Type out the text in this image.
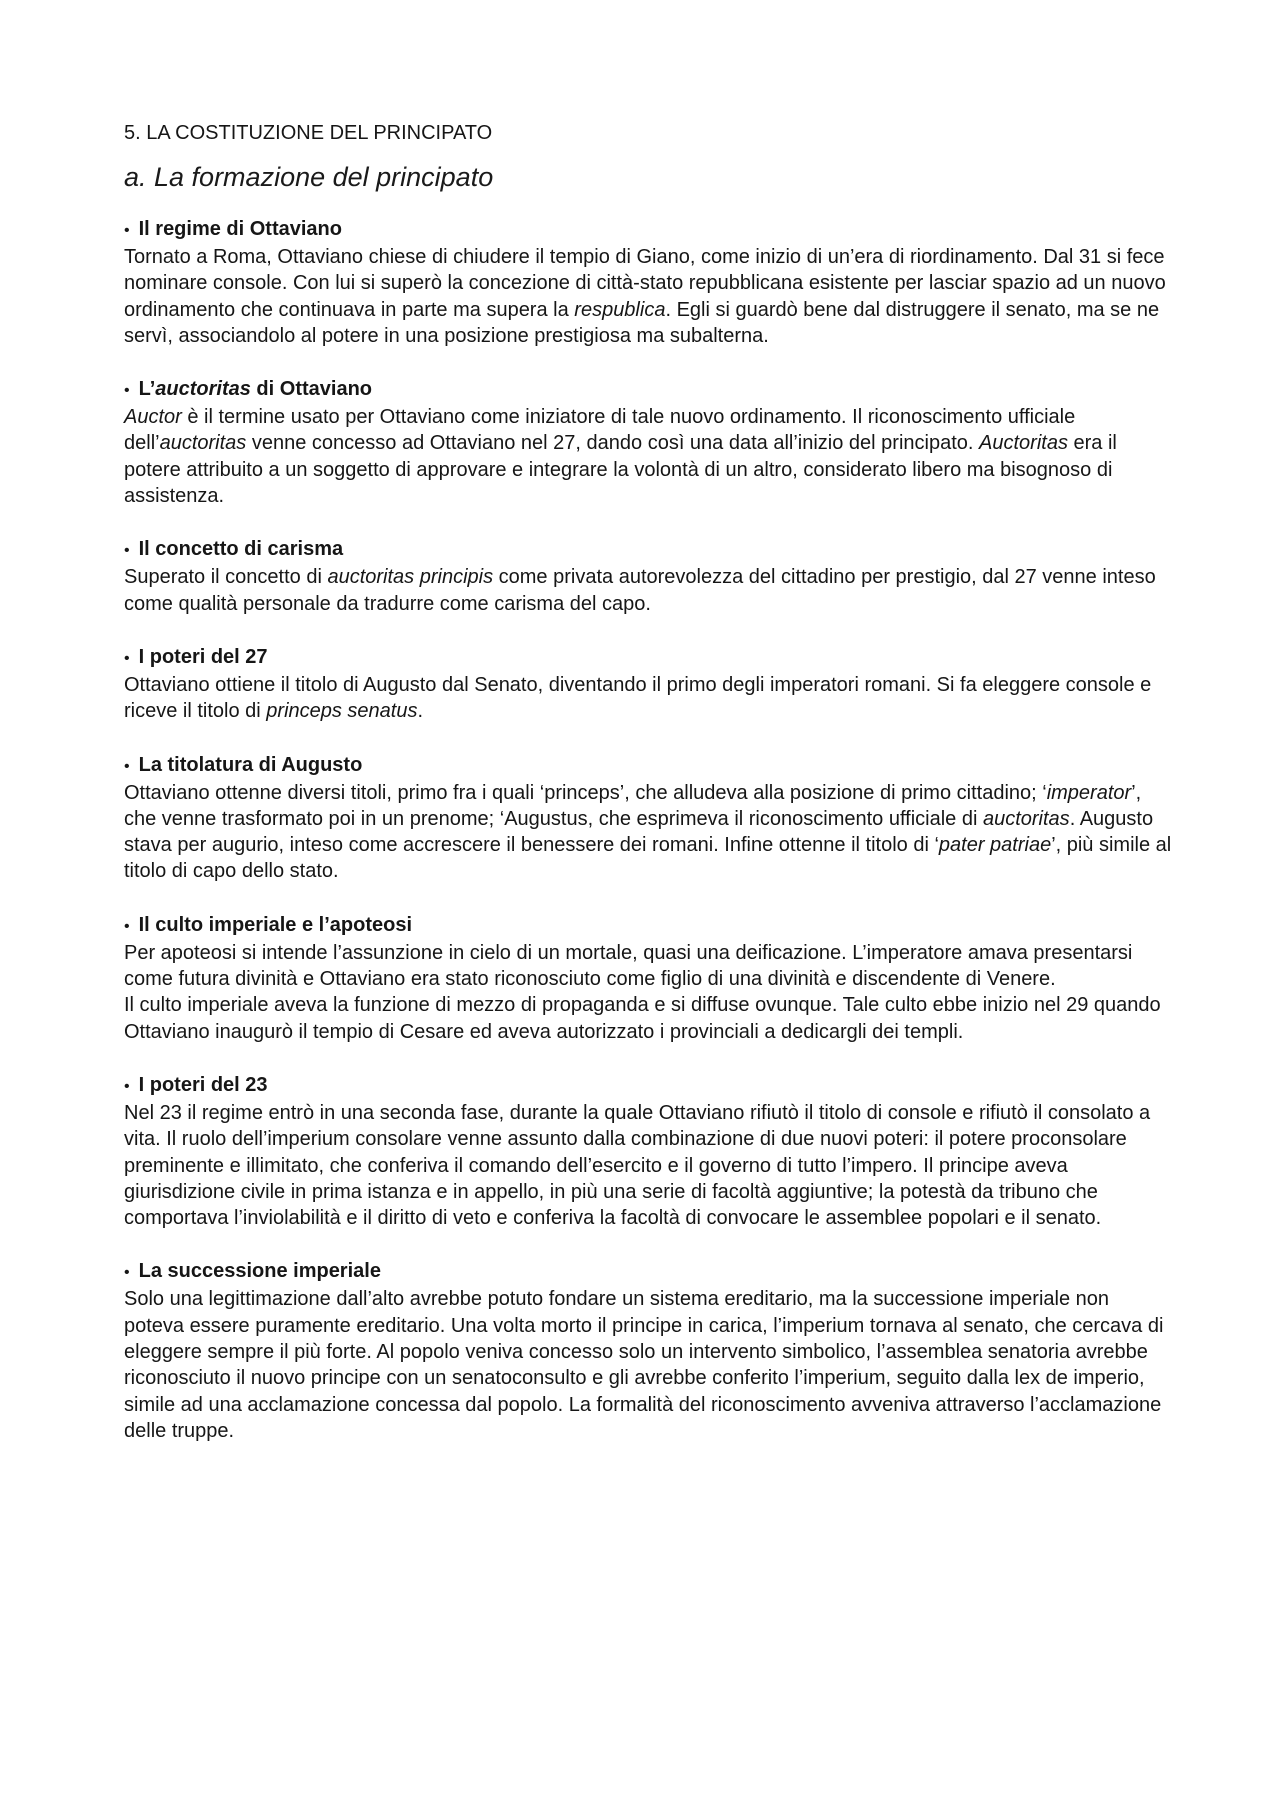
5. LA COSTITUZIONE DEL PRINCIPATO
a. La formazione del principato
• Il regime di Ottaviano
Tornato a Roma, Ottaviano chiese di chiudere il tempio di Giano, come inizio di un’era di riordinamento. Dal 31 si fece nominare console. Con lui si superò la concezione di città-stato repubblicana esistente per lasciar spazio ad un nuovo ordinamento che continuava in parte ma supera la respublica. Egli si guardò bene dal distruggere il senato, ma se ne servì, associandolo al potere in una posizione prestigiosa ma subalterna.
• L’auctoritas di Ottaviano
Auctor è il termine usato per Ottaviano come iniziatore di tale nuovo ordinamento. Il riconoscimento ufficiale dell’auctoritas venne concesso ad Ottaviano nel 27, dando così una data all’inizio del principato. Auctoritas era il potere attribuito a un soggetto di approvare e integrare la volontà di un altro, considerato libero ma bisognoso di assistenza.
• Il concetto di carisma
Superato il concetto di auctoritas principis come privata autorevolezza del cittadino per prestigio, dal 27 venne inteso come qualità personale da tradurre come carisma del capo.
• I poteri del 27
Ottaviano ottiene il titolo di Augusto dal Senato, diventando il primo degli imperatori romani. Si fa eleggere console e riceve il titolo di princeps senatus.
• La titolatura di Augusto
Ottaviano ottenne diversi titoli, primo fra i quali ‘princeps’, che alludeva alla posizione di primo cittadino; ‘imperator’, che venne trasformato poi in un prenome; ‘Augustus, che esprimeva il riconoscimento ufficiale di auctoritas. Augusto stava per augurio, inteso come accrescere il benessere dei romani. Infine ottenne il titolo di ‘pater patriae’, più simile al titolo di capo dello stato.
• Il culto imperiale e l’apoteosi
Per apoteosi si intende l’assunzione in cielo di un mortale, quasi una deificazione. L’imperatore amava presentarsi come futura divinità e Ottaviano era stato riconosciuto come figlio di una divinità e discendente di Venere.
Il culto imperiale aveva la funzione di mezzo di propaganda e si diffuse ovunque. Tale culto ebbe inizio nel 29 quando Ottaviano inaugurò il tempio di Cesare ed aveva autorizzato i provinciali a dedicargli dei templi.
• I poteri del 23
Nel 23 il regime entrò in una seconda fase, durante la quale Ottaviano rifiutò il titolo di console e rifiutò il consolato a vita. Il ruolo dell’imperium consolare venne assunto dalla combinazione di due nuovi poteri: il potere proconsolare preminente e illimitato, che conferiva il comando dell’esercito e il governo di tutto l’impero. Il principe aveva giurisdizione civile in prima istanza e in appello, in più una serie di facoltà aggiuntive; la potestà da tribuno che comportava l’inviolabilità e il diritto di veto e conferiva la facoltà di convocare le assemblee popolari e il senato.
• La successione imperiale
Solo una legittimazione dall’alto avrebbe potuto fondare un sistema ereditario, ma la successione imperiale non poteva essere puramente ereditario. Una volta morto il principe in carica, l’imperium tornava al senato, che cercava di eleggere sempre il più forte. Al popolo veniva concesso solo un intervento simbolico, l’assemblea senatoria avrebbe riconosciuto il nuovo principe con un senatoconsulto e gli avrebbe conferito l’imperium, seguito dalla lex de imperio, simile ad una acclamazione concessa dal popolo. La formalità del riconoscimento avveniva attraverso l’acclamazione delle truppe.
